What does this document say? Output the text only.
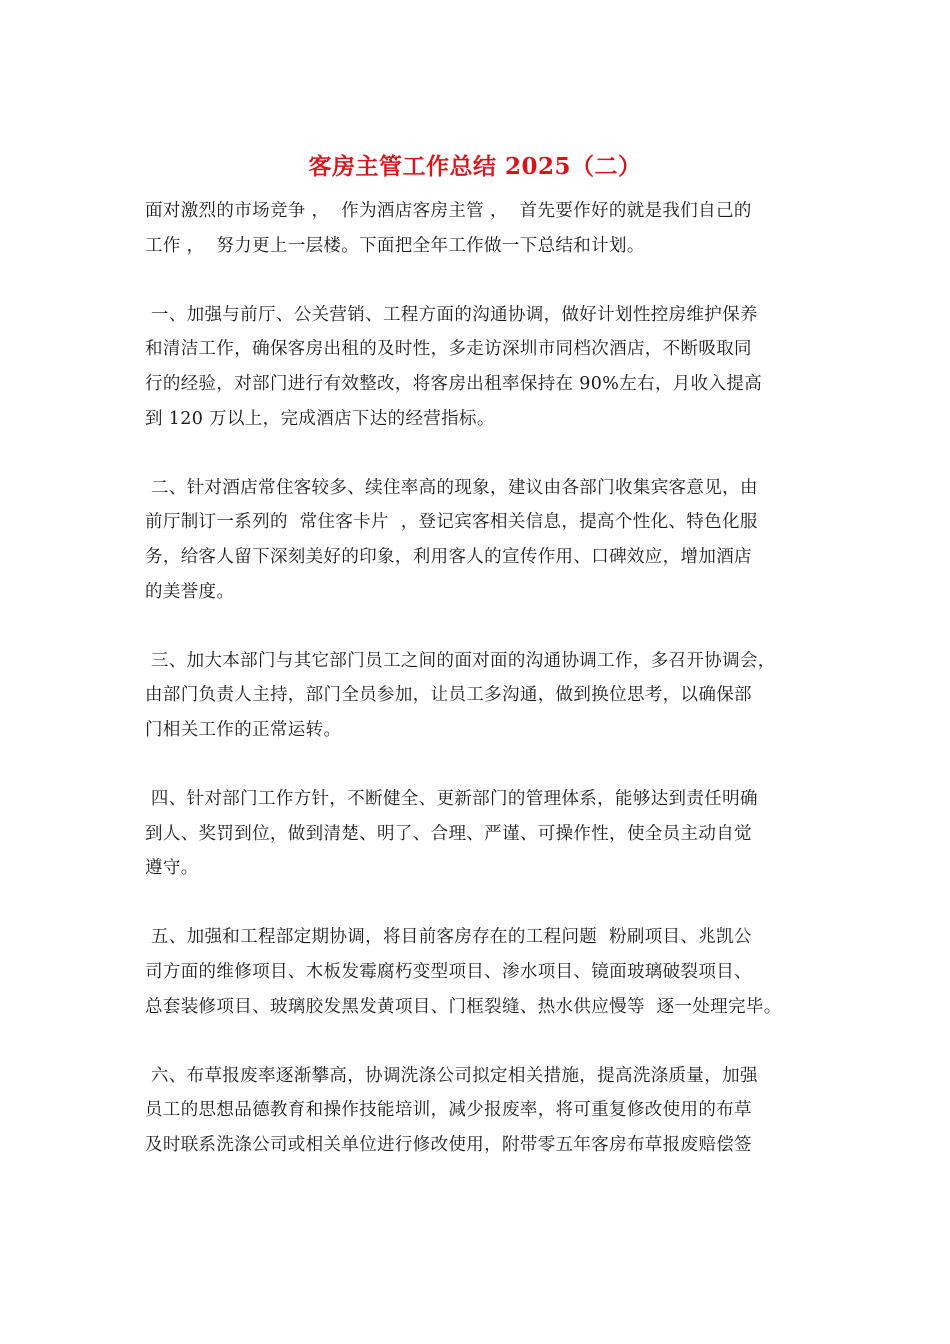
客房主管工作总结 2025（二）
面对激烈的市场竞争 ，  作为酒店客房主管 ，  首先要作好的就是我们自己的
工作 ，  努力更上一层楼。下面把全年工作做一下总结和计划。
一、加强与前厅、公关营销、工程方面的沟通协调，做好计划性控房维护保养
和清洁工作，确保客房出租的及时性，多走访深圳市同档次酒店，不断吸取同
行的经验，对部门进行有效整改，将客房出租率保持在 90%左右，月收入提高
到 120 万以上，完成酒店下达的经营指标。
二、针对酒店常住客较多、续住率高的现象，建议由各部门收集宾客意见，由
前厅制订一系列的  常住客卡片  ，登记宾客相关信息，提高个性化、特色化服
务，给客人留下深刻美好的印象，利用客人的宣传作用、口碑效应，增加酒店
的美誉度。
三、加大本部门与其它部门员工之间的面对面的沟通协调工作，多召开协调会，
由部门负责人主持，部门全员参加，让员工多沟通，做到换位思考，以确保部
门相关工作的正常运转。
四、针对部门工作方针，不断健全、更新部门的管理体系，能够达到责任明确
到人、奖罚到位，做到清楚、明了、合理、严谨、可操作性，使全员主动自觉
遵守。
五、加强和工程部定期协调，将目前客房存在的工程问题  粉刷项目、兆凯公
司方面的维修项目、木板发霉腐朽变型项目、渗水项目、镜面玻璃破裂项目、
总套装修项目、玻璃胶发黑发黄项目、门框裂缝、热水供应慢等  逐一处理完毕。
六、布草报废率逐渐攀高，协调洗涤公司拟定相关措施，提高洗涤质量，加强
员工的思想品德教育和操作技能培训，减少报废率，将可重复修改使用的布草
及时联系洗涤公司或相关单位进行修改使用，附带零五年客房布草报废赔偿签
